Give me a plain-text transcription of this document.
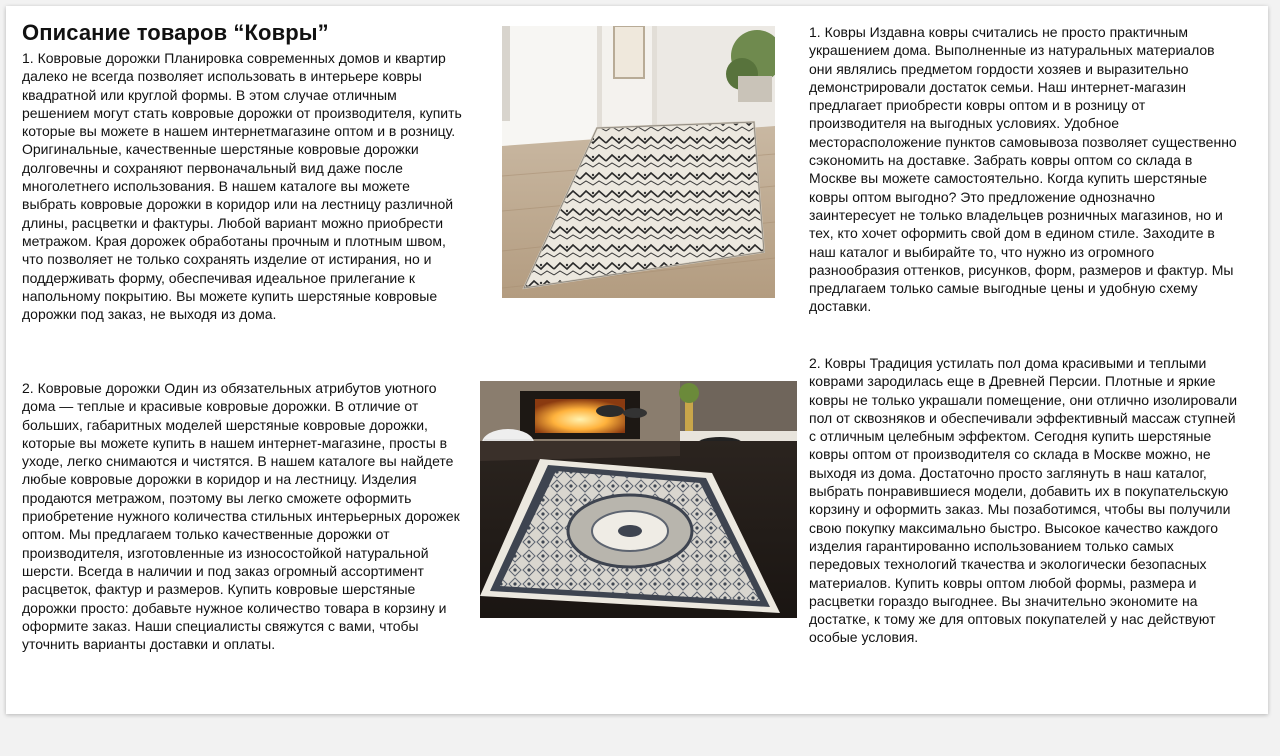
Описание товаров “Ковры”

1. Ковровые дорожки Планировка современных домов и квартир далеко не всегда позволяет использовать в интерьере ковры квадратной или круглой формы. В этом случае отличным решением могут стать ковровые дорожки от производителя, купить которые вы можете в нашем интернетмагазине оптом и в розницу. Оригинальные, качественные шерстяные ковровые дорожки долговечны и сохраняют первоначальный вид даже после многолетнего использования. В нашем каталоге вы можете выбрать ковровые дорожки в коридор или на лестницу различной длины, расцветки и фактуры. Любой вариант можно приобрести метражом. Края дорожек обработаны прочным и плотным швом, что позволяет не только сохранять изделие от истирания, но и поддерживать форму, обеспечивая идеальное прилегание к напольному покрытию. Вы можете купить шерстяные ковровые дорожки под заказ, не выходя из дома.

2. Ковровые дорожки Один из обязательных атрибутов уютного дома — теплые и красивые ковровые дорожки. В отличие от больших, габаритных моделей шерстяные ковровые дорожки, которые вы можете купить в нашем интернет-магазине, просты в уходе, легко снимаются и чистятся. В нашем каталоге вы найдете любые ковровые дорожки в коридор и на лестницу. Изделия продаются метражом, поэтому вы легко сможете оформить приобретение нужного количества стильных интерьерных дорожек оптом. Мы предлагаем только качественные дорожки от производителя, изготовленные из износостойкой натуральной шерсти. Всегда в наличии и под заказ огромный ассортимент расцветок, фактур и размеров. Купить ковровые шерстяные дорожки просто: добавьте нужное количество товара в корзину и оформите заказ. Наши специалисты свяжутся с вами, чтобы уточнить варианты доставки и оплаты.

1. Ковры Издавна ковры считались не просто практичным украшением дома. Выполненные из натуральных материалов они являлись предметом гордости хозяев и выразительно демонстрировали достаток семьи. Наш интернет-магазин предлагает приобрести ковры оптом и в розницу от производителя на выгодных условиях. Удобное месторасположение пунктов самовывоза позволяет существенно сэкономить на доставке. Забрать ковры оптом со склада в Москве вы можете самостоятельно. Когда купить шерстяные ковры оптом выгодно? Это предложение однозначно заинтересует не только владельцев розничных магазинов, но и тех, кто хочет оформить свой дом в едином стиле. Заходите в наш каталог и выбирайте то, что нужно из огромного разнообразия оттенков, рисунков, форм, размеров и фактур. Мы предлагаем только самые выгодные цены и удобную схему доставки.

2. Ковры Традиция устилать пол дома красивыми и теплыми коврами зародилась еще в Древней Персии. Плотные и яркие ковры не только украшали помещение, они отлично изолировали пол от сквозняков и обеспечивали эффективный массаж ступней с отличным целебным эффектом. Сегодня купить шерстяные ковры оптом от производителя со склада в Москве можно, не выходя из дома. Достаточно просто заглянуть в наш каталог, выбрать понравившиеся модели, добавить их в покупательскую корзину и оформить заказ. Мы позаботимся, чтобы вы получили свою покупку максимально быстро. Высокое качество каждого изделия гарантированно использованием только самых передовых технологий ткачества и экологически безопасных материалов. Купить ковры оптом любой формы, размера и расцветки гораздо выгоднее. Вы значительно экономите на достатке, к тому же для оптовых покупателей у нас действуют особые условия.
